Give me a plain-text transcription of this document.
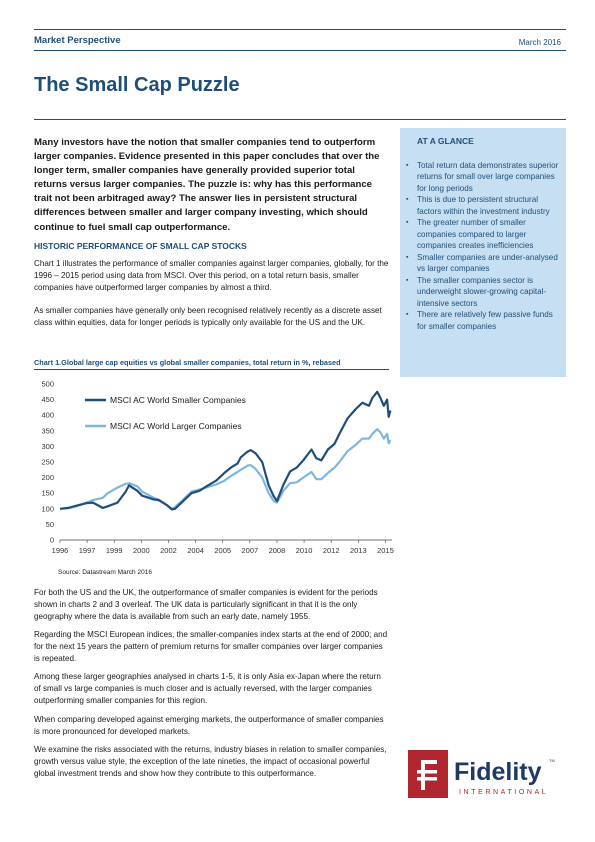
Market Perspective	March 2016
The Small Cap Puzzle

Many investors have the notion that smaller companies tend to outperform larger companies. Evidence presented in this paper concludes that over the longer term, smaller companies have generally provided superior total returns versus larger companies. The puzzle is: why has this performance trait not been arbitraged away? The answer lies in persistent structural differences between smaller and larger company investing, which should continue to fuel small cap outperformance.

HISTORIC PERFORMANCE OF SMALL CAP STOCKS

Chart 1 illustrates the performance of smaller companies against larger companies, globally, for the 1996 – 2015 period using data from MSCI. Over this period, on a total return basis, smaller companies have outperformed larger companies by almost a third.

As smaller companies have generally only been recognised relatively recently as a discrete asset class within equities, data for longer periods is typically only available for the US and the UK.

AT A GLANCE
▪ Total return data demonstrates superior returns for small over large companies for long periods
▪ This is due to persistent structural factors within the investment industry
▪ The greater number of smaller companies compared to larger companies creates inefficiencies
▪ Smaller companies are under-analysed vs larger companies
▪ The smaller companies sector is underweight slower-growing capital-intensive sectors
▪ There are relatively few passive funds for smaller companies
Chart 1.Global large cap equities vs global smaller companies, total return in %, rebased
0
50
100
150
200
250
300
350
400
450
500
1996 1997 1999 2000 2002 2004 2005 2007 2008 2010 2012 2013 2015
MSCI AC World Smaller Companies
MSCI AC World Larger Companies
Source: Datastream March 2016

For both the US and the UK, the outperformance of smaller companies is evident for the periods shown in charts 2 and 3 overleaf. The UK data is particularly significant in that it is the only geography where the data is available from such an early date, namely 1955.

Regarding the MSCI European indices, the smaller-companies index starts at the end of 2000; and for the next 15 years the pattern of premium returns for smaller companies over larger companies is repeated.

Among these larger geographies analysed in charts 1-5, it is only Asia ex-Japan where the return of small vs large companies is much closer and is actually reversed, with the larger companies outperforming smaller companies for this region.

When comparing developed against emerging markets, the outperformance of smaller companies is more pronounced for developed markets.

We examine the risks associated with the returns, industry biases in relation to smaller companies, growth versus value style, the exception of the late nineties, the impact of occasional powerful global investment trends and show how they contribute to this outperformance.	Fidelity TM
INTERNATIONAL
